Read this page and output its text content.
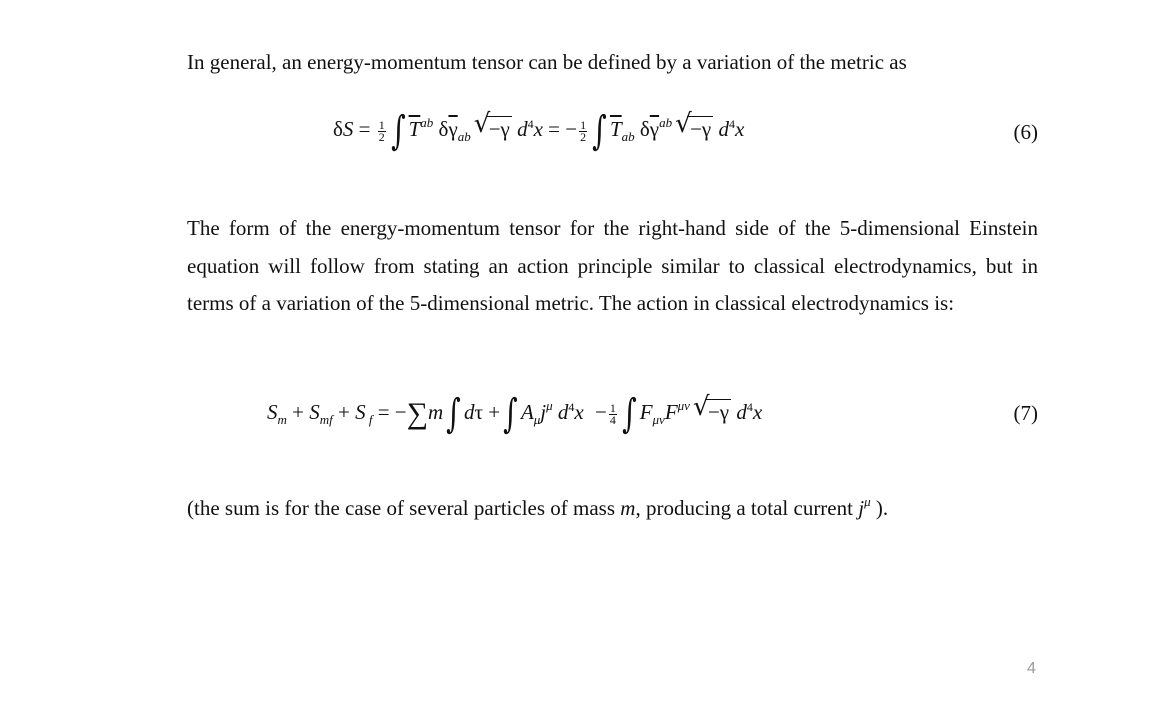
In general, an energy-momentum tensor can be defined by a variation of the metric as

$\delta S = \frac{1}{2}$ ∫ $\overline{T}^{ab}$ $\delta\overline{\gamma}_{ab}$ √
−γ $d^4x$ = − $\frac{1}{2}$ ∫ $\overline{T}_{ab}$ $\delta\overline{\gamma}^{ab}$ √
−γ $d^4x$	(6)

The form of the energy-momentum tensor for the right-hand side of the 5-dimensional Einstein equation will follow from stating an action principle similar to classical electrodynamics, but in terms of a variation of the 5-dimensional metric. The action in classical electrodynamics is:

$S_m + S_{mf} + S$ $_f$ = −∑m∫ dτ +∫ $A_\mu j^\mu$ $d^4x - \frac{1}{4}$ ∫ $F_{\mu\nu}F^{\mu\nu}$ √
−γ $d^4x$	(7)

(the sum is for the case of several particles of mass m, producing a total current $j^\mu$ ).

4
